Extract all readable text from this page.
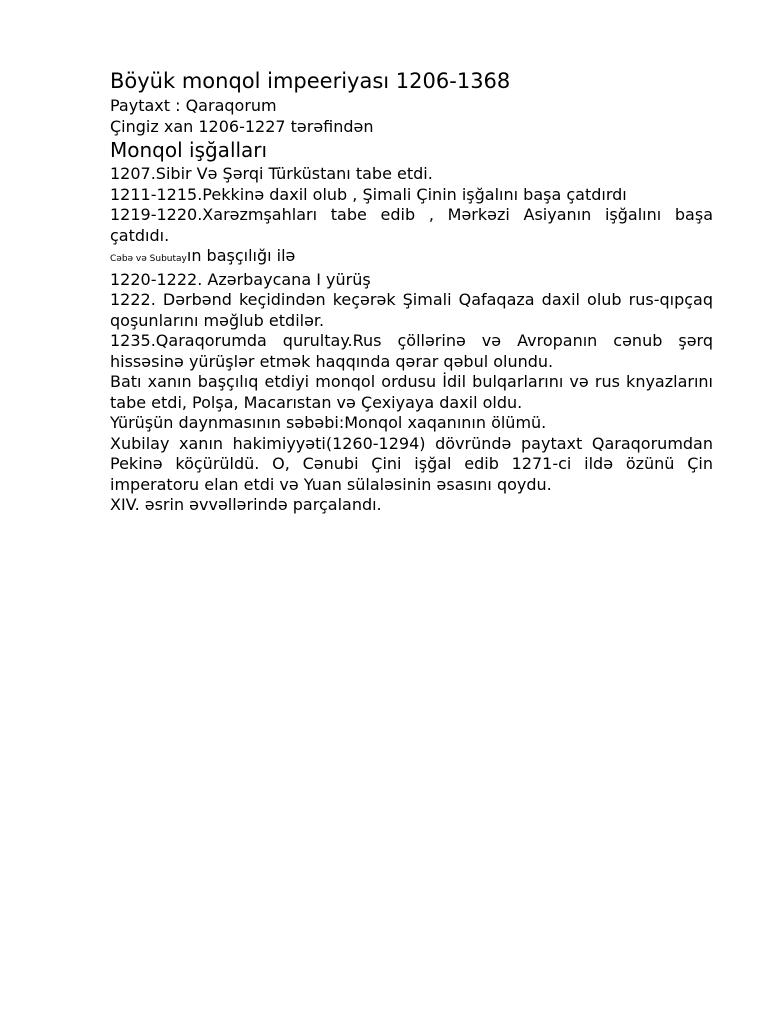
Böyük monqol impeeriyası 1206-1368

Paytaxt : Qaraqorum

Çingiz xan 1206-1227 tərəfindən

Monqol işğalları

1207.Sibir Və Şərqi Türküstanı tabe etdi.

1211-1215.Pekkinə daxil olub , Şimali Çinin işğalını başa çatdırdı

1219-1220.Xarəzmşahları tabe edib , Mərkəzi Asiyanın işğalını başa çatdıdı.

Cəbə və Subutayın başçılığı ilə

1220-1222. Azərbaycana I yürüş

1222. Dərbənd keçidindən keçərək Şimali Qafaqaza daxil olub rus-qıpçaq qoşunlarını məğlub etdilər.

1235.Qaraqorumda qurultay.Rus çöllərinə və Avropanın cənub şərq hissəsinə yürüşlər etmək haqqında qərar qəbul olundu.

Batı xanın başçılıq etdiyi monqol ordusu İdil bulqarlarını və rus knyazlarını tabe etdi, Polşa, Macarıstan və Çexiyaya daxil oldu.

Yürüşün daynmasının səbəbi:Monqol xaqanının ölümü.

Xubilay xanın hakimiyyəti(1260-1294) dövründə paytaxt Qaraqorumdan Pekinə köçürüldü. O, Cənubi Çini işğal edib 1271-ci ildə özünü Çin imperatoru elan etdi və Yuan sülaləsinin əsasını qoydu.

XIV. əsrin əvvəllərində parçalandı.
